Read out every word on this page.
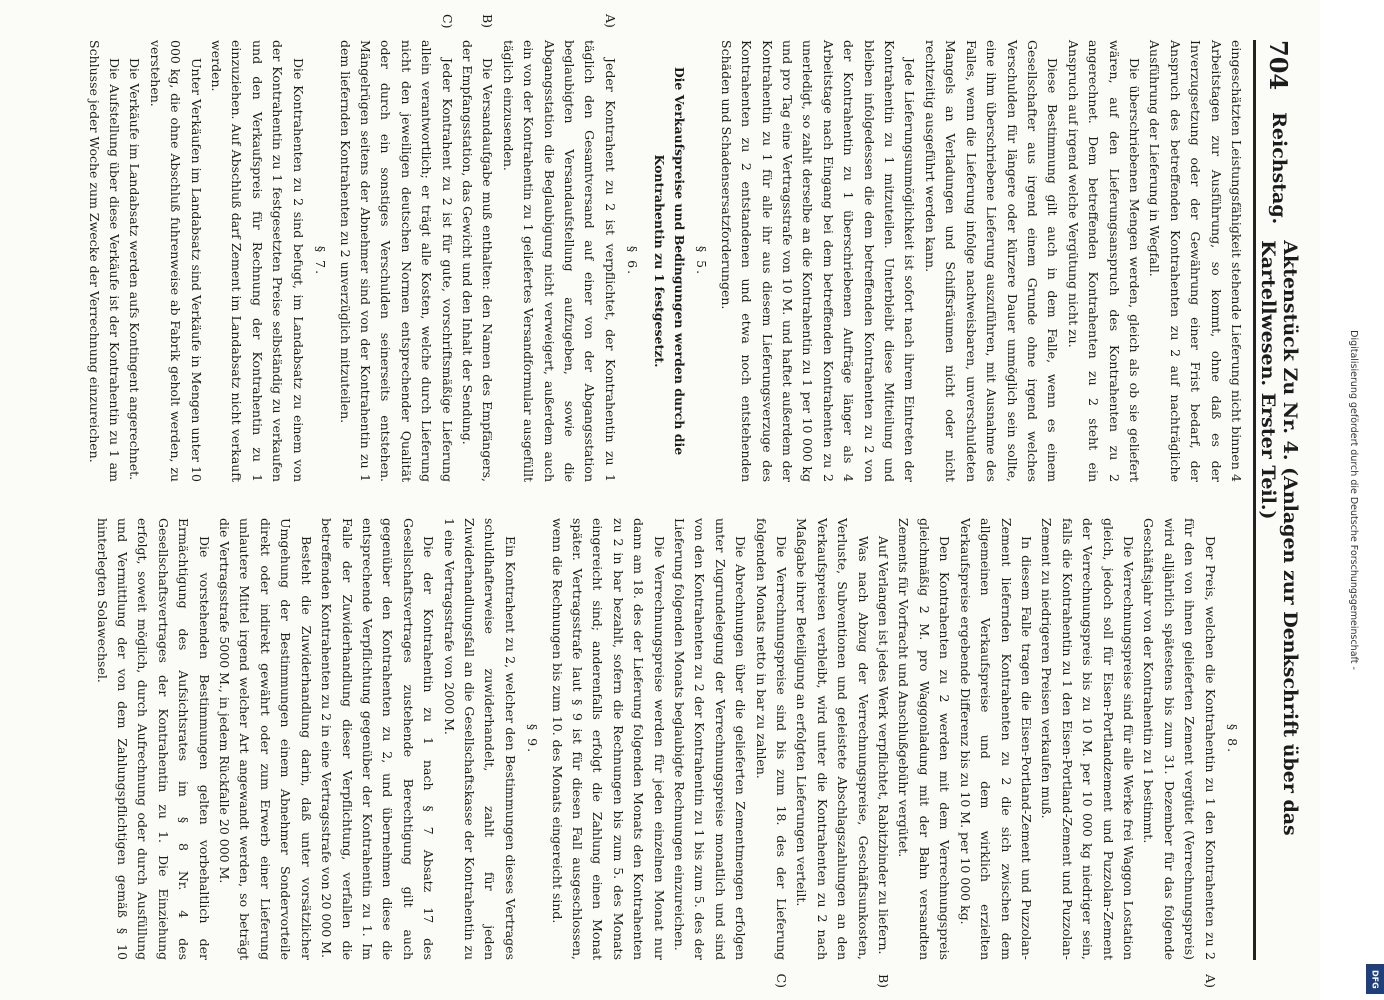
704
Reichstag.
Aktenstück Zu Nr. 4. (Anlagen zur Denkschrift über das Kartellwesen. Erster Teil.)

eingeschätzten Leistungsfähigkeit stehende Lieferung nicht binnen 4 Arbeitstagen zur Ausführung, so kommt, ohne daß es der Inverzugsetzung oder der Gewährung einer Frist bedarf, der Anspruch des betreffenden Kontrahenten zu 2 auf nachträgliche Ausführung der Lieferung in Wegfall.

Die überschriebenen Mengen werden, gleich als ob sie geliefert wären, auf den Lieferungsanspruch des Kontrahenten zu 2 angerechnet. Dem betreffenden Kontrahenten zu 2 steht ein Anspruch auf irgend welche Vergütung nicht zu.

Diese Bestimmung gilt auch in dem Falle, wenn es einem Gesellschafter aus irgend einem Grunde ohne irgend welches Verschulden für längere oder kürzere Dauer unmöglich sein sollte, eine ihm überschriebene Lieferung auszuführen, mit Ausnahme des Falles, wenn die Lieferung infolge nachweisbaren, unverschuldeten Mangels an Verladungen und Schiffsräumen nicht oder nicht rechtzeitig ausgeführt werden kann.

Jede Lieferungsunmöglichkeit ist sofort nach ihrem Eintreten der Kontrahentin zu 1 mitzuteilen. Unterbleibt diese Mitteilung und bleiben infolgedessen die dem betreffenden Kontrahenten zu 2 von der Kontrahentin zu 1 überschriebenen Aufträge länger als 4 Arbeitstage nach Eingang bei dem betreffenden Kontrahenten zu 2 unerledigt, so zahlt derselbe an die Kontrahentin zu 1 per 10 000 kg und pro Tag eine Vertragsstrafe von 10 M. und haftet außerdem der Kontrahentin zu 1 für alle ihr aus diesem Lieferungsverzuge des Kontrahenten zu 2 entstandenen und etwa noch entstehenden Schäden und Schadensersatzforderungen.

§ 5.

Die Verkaufspreise und Bedingungen werden durch die Kontrahentin zu 1 festgesetzt.

§ 6.

A)
Jeder Kontrahent zu 2 ist verpflichtet, der Kontrahentin zu 1 täglich den Gesamtversand auf einer von der Abgangsstation beglaubigten Versandaufstellung aufzugeben, sowie die Abgangsstation die Beglaubigung nicht verweigert, außerdem auch ein von der Kontrahentin zu 1 geliefertes Versandformular ausgefüllt täglich einzusenden.

B)
Die Versandaufgabe muß enthalten: den Namen des Empfängers, der Empfangsstation, das Gewicht und den Inhalt der Sendung.

C)
Jeder Kontrahent zu 2 ist für gute, vorschriftsmäßige Lieferung allein verantwortlich; er trägt alle Kosten, welche durch Lieferung nicht den jeweiligen deutschen Normen entsprechender Qualität oder durch ein sonstiges Verschulden seinerseits entstehen. Mängelrügen seitens der Abnehmer sind von der Kontrahentin zu 1 dem liefernden Kontrahenten zu 2 unverzüglich mitzuteilen.

§ 7.

Die Kontrahenten zu 2 sind befugt, im Landabsatz zu einem von der Kontrahentin zu 1 festgesetzten Preise selbständig zu verkaufen und den Verkaufspreis für Rechnung der Kontrahentin zu 1 einzuziehen. Auf Abschluß darf Zement im Landabsatz nicht verkauft werden.

Unter Verkäufen im Landabsatz sind Verkäufe in Mengen unter 10 000 kg, die ohne Abschluß fuhrenweise ab Fabrik geholt werden, zu verstehen.

Die Verkäufe im Landabsatz werden aufs Kontingent angerechnet.

Die Aufstellung über diese Verkäufe ist der Kontrahentin zu 1 am Schlusse jeder Woche zum Zwecke der Verrechnung einzureichen.

§ 8.

A)
Der Preis, welchen die Kontrahentin zu 1 den Kontrahenten zu 2 für den von ihnen gelieferten Zement vergütet (Verrechnungspreis) wird alljährlich spätestens bis zum 31. Dezember für das folgende Geschäftsjahr von der Kontrahentin zu 1 bestimmt.

Die Verrechnungspreise sind für alle Werke frei Waggon Lostation gleich, jedoch soll für Eisen-Portlandzement und Puzzolan-Zement der Verrechnungspreis bis zu 10 M. per 10 000 kg niedriger sein, falls die Kontrahentin zu 1 den Eisen-Portland-Zement und Puzzolan-Zement zu niedrigeren Preisen verkaufen muß.

In diesem Falle tragen die Eisen-Portland-Zement und Puzzolan-Zement liefernden Kontrahenten zu 2 die sich zwischen dem allgemeinen Verkaufspreise und dem wirklich erzielten Verkaufspreise ergebende Differenz bis zu 10 M. per 10 000 kg.

Den Kontrahenten zu 2 werden mit dem Verrechnungspreis gleichmäßig 2 M. pro Waggonladung mit der Bahn versandten Zements für Vorfracht und Anschlußgebühr vergütet.

B)
Auf Verlangen ist jedes Werk verpflichtet, Rabitzbinder zu liefern.

Was nach Abzug der Verrechnungspreise, Geschäftsunkosten, Verluste, Subventionen und geleistete Abschlagszahlungen an den Verkaufspreisen verbleibt, wird unter die Kontrahenten zu 2 nach Maßgabe ihrer Beteiligung an erfolgten Lieferungen verteilt.

C)
Die Verrechnungspreise sind bis zum 18. des der Lieferung folgenden Monats netto in bar zu zahlen.

Die Abrechnungen über die gelieferten Zementmengen erfolgen unter Zugrundelegung der Verrechnungspreise monatlich und sind von den Kontrahenten zu 2 der Kontrahentin zu 1 bis zum 5. des der Lieferung folgenden Monats beglaubigte Rechnungen einzureichen.

Die Verrechnungspreise werden für jeden einzelnen Monat nur dann am 18. des der Lieferung folgenden Monats den Kontrahenten zu 2 in bar bezahlt, sofern die Rechnungen bis zum 5. des Monats eingereicht sind; anderenfalls erfolgt die Zahlung einen Monat später. Vertragsstrafe laut § 9 ist für diesen Fall ausgeschlossen, wenn die Rechnungen bis zum 10. des Monats eingereicht sind.

§ 9.

Ein Kontrahent zu 2, welcher den Bestimmungen dieses Vertrages schuldhafterweise zuwiderhandelt, zahlt für jeden Zuwiderhandlungsfall an die Gesellschaftskasse der Kontrahentin zu 1 eine Vertragsstrafe von 2000 M.

Die der Kontrahentin zu 1 nach § 7 Absatz 17 des Gesellschaftsvertrages zustehende Berechtigung gilt auch gegenüber den Kontrahenten zu 2, und übernehmen diese die entsprechende Verpflichtung gegenüber der Kontrahentin zu 1. Im Falle der Zuwiderhandlung dieser Verpflichtung, verfallen die betreffenden Kontrahenten zu 2 in eine Vertragsstrafe von 20 000 M.

Besteht die Zuwiderhandlung darin, daß unter vorsätzlicher Umgehung der Bestimmungen einem Abnehmer Sondervorteile direkt oder indirekt gewährt oder zum Erwerb einer Lieferung unlautere Mittel irgend welcher Art angewandt werden, so beträgt die Vertragsstrafe 5000 M., in jedem Rückfalle 20 000 M.

Die vorstehenden Bestimmungen gelten vorbehaltlich der Ermächtigung des Aufsichtsrates im § 8 Nr. 4 des Gesellschaftsvertrages der Kontrahentin zu 1. Die Einziehung erfolgt, soweit möglich, durch Aufrechnung oder durch Ausfüllung und Vermittlung der von dem Zahlungspflichtigen gemäß § 10 hinterlegten Solawechsel.	Digitalisierung gefördert durch die Deutsche Forschungsgemeinschaft -
DFG
